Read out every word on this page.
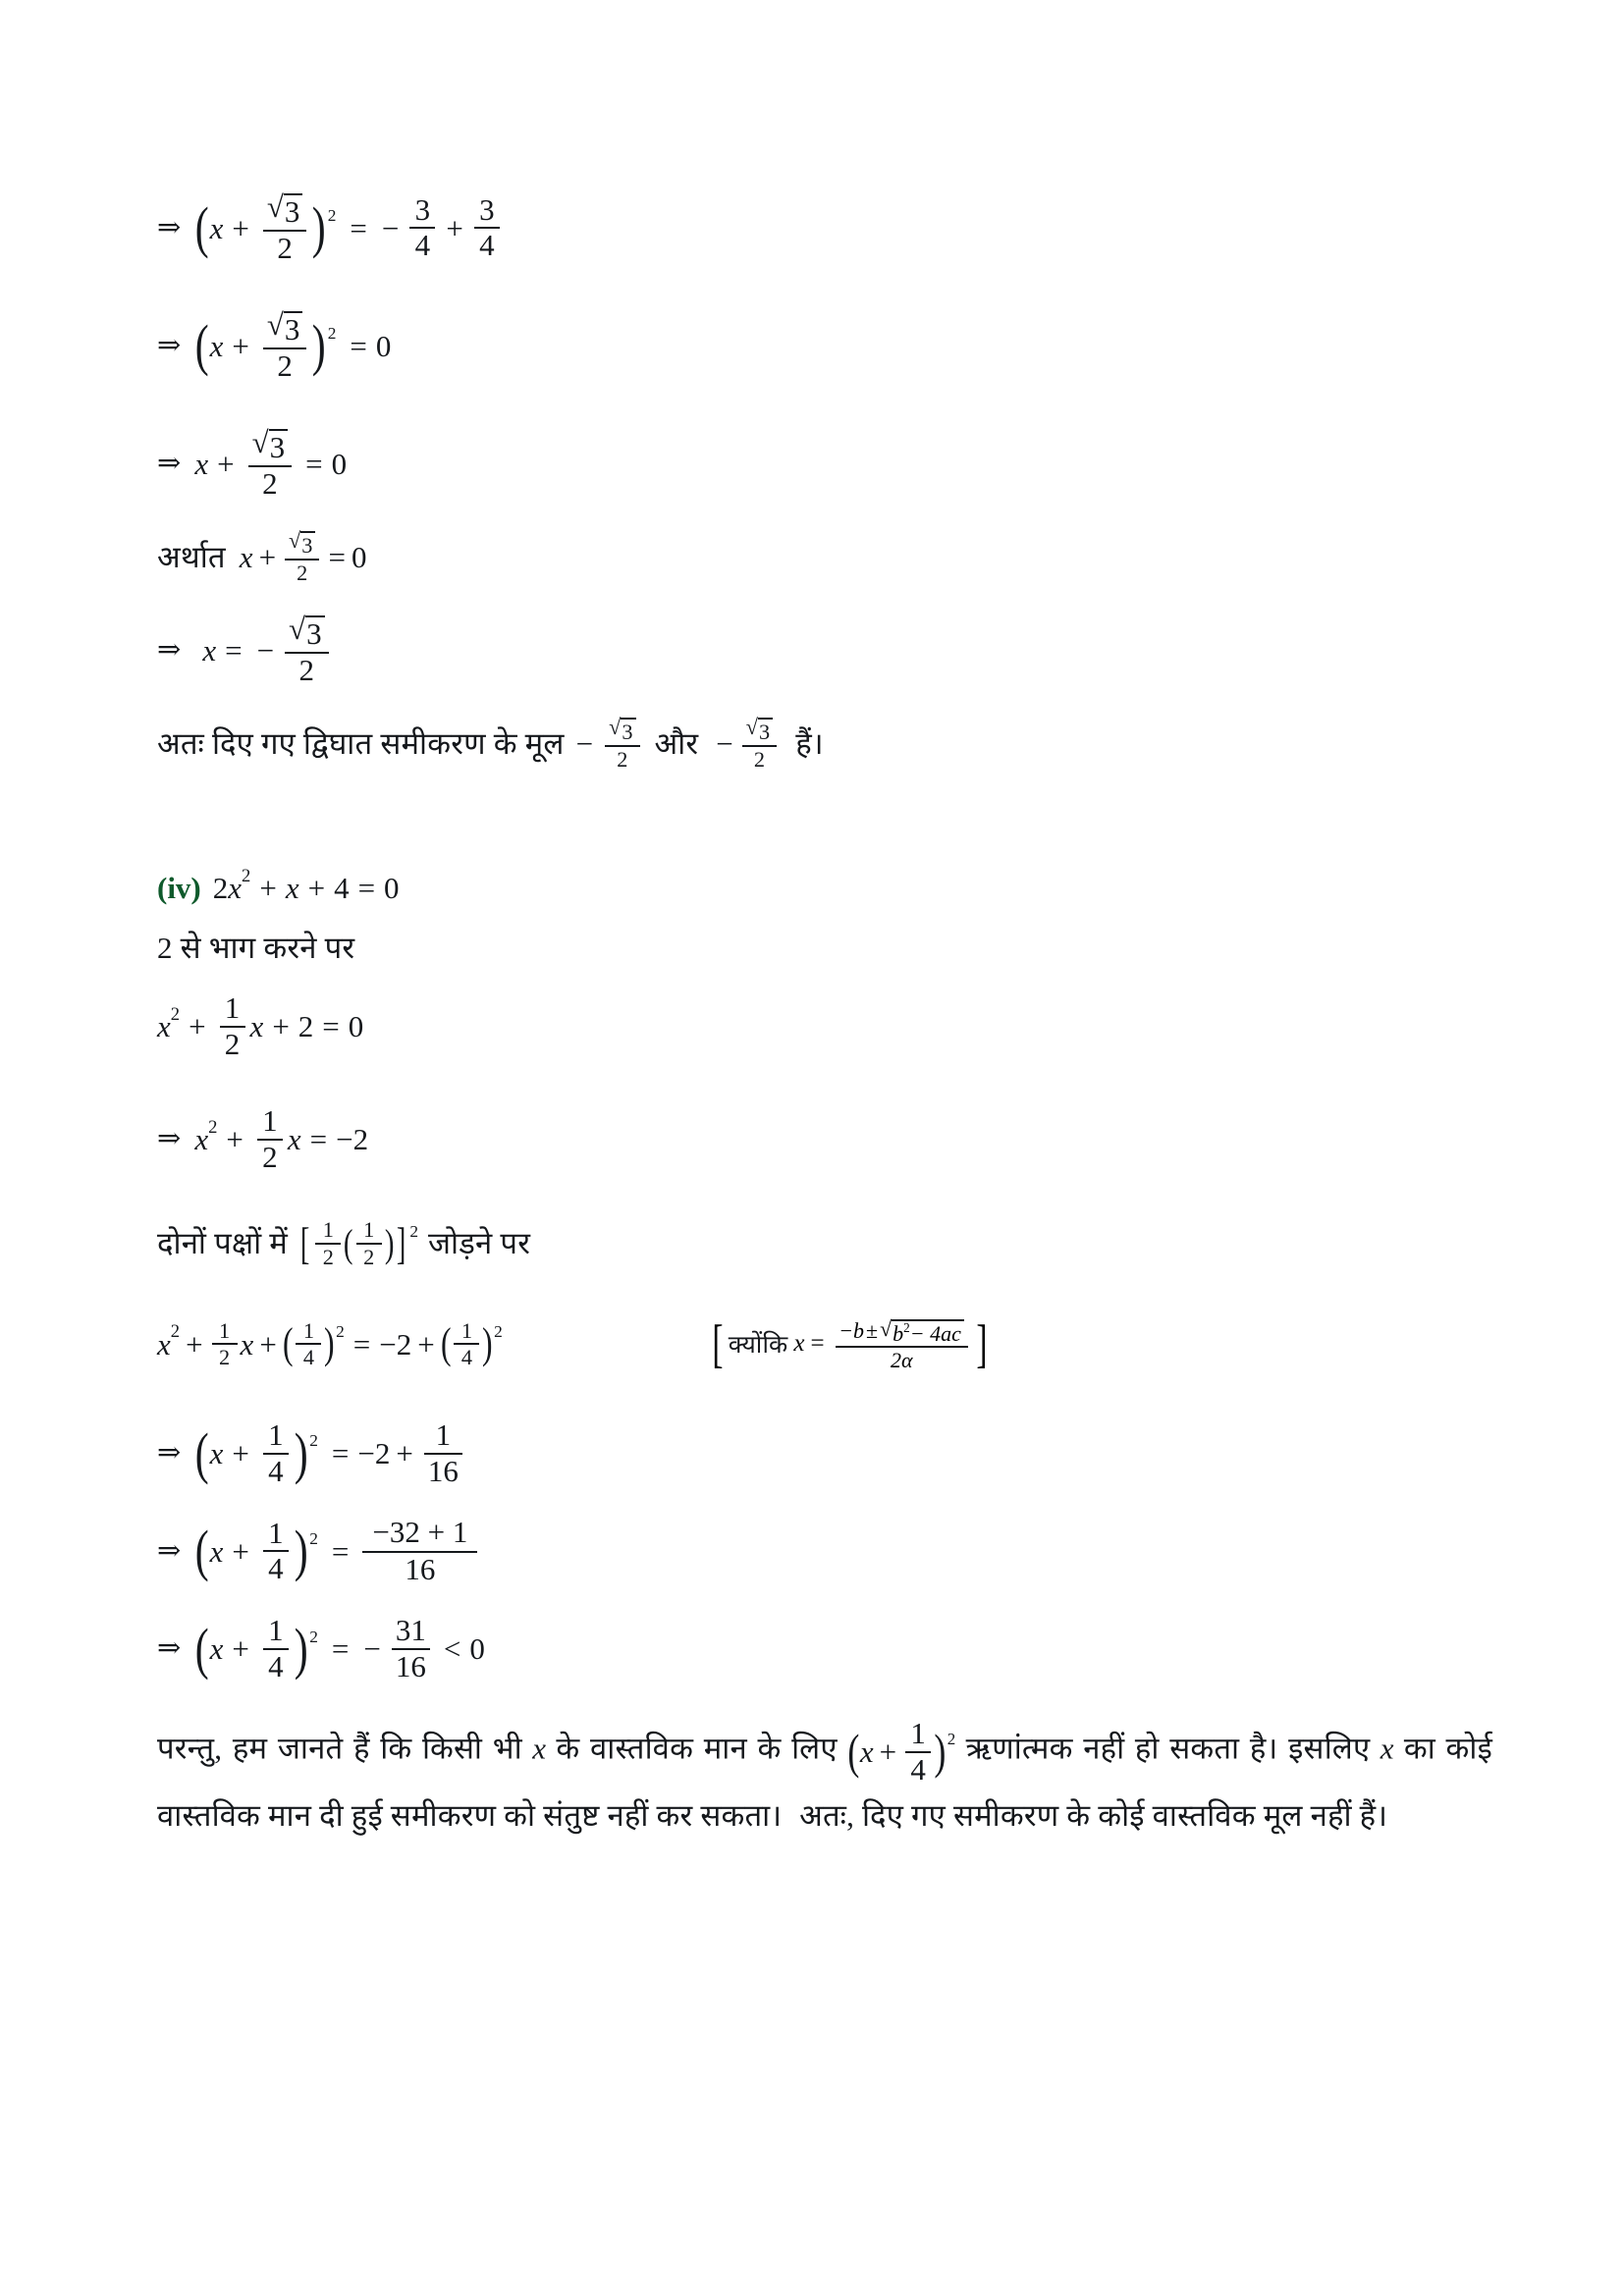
⇒ ( $x + \frac{√ 3}{2}$ ) 2 = − $\frac{3}{4} + \frac{3}{4}$
⇒ ( $x + \frac{√ 3}{2}$ ) 2 = 0
⇒ $x + \frac{√ 3}{2} = 0$
अर्थात $x + \frac{√ 3}{2} = 0$
⇒ x = − $\frac{√ 3}{2}$
अतः दिए गए द्विघात समीकरण के मूल − $\frac{√ 3}{2}$ और − $\frac{√ 3}{2}$ हैं।
(iv) 2 x 2 + x + 4 = 0
2 से भाग करने पर
x $2 + \frac{1}{2}$ x + 2 = 0
⇒ x $2 + \frac{1}{2}$ x = −2
दोनों पक्षों में [ $\frac{1}{2}$ ( $\frac{1}{2}$ ) ] 2 जोड़ने पर
x $2 + \frac{1}{2}$ x + ( $\frac{1}{4}$ ) 2 = −2 + ( $\frac{1}{4}$ ) 2	[ क्योंकि $x = \frac{- b \pm √ b^2- 4ac}{2\alpha}$ ]
⇒ ( $x + \frac{1}{4}$ ) $2 = -2 + \frac{1}{16}$
⇒ ( $x + \frac{1}{4}$ ) $2 = \frac{-32 + 1}{16}$
⇒ ( $x + \frac{1}{4}$ ) 2 = − $\frac{31}{16} < 0$
परन्तु, हम जानते हैं कि किसी भी x के वास्तविक मान के लिए ( $x + \frac{1}{4}$ ) 2 ऋणांत्मक नहीं हो सकता है। इसलिए x का कोई वास्तविक मान दी हुई समीकरण को संतुष्ट नहीं कर सकता। अतः, दिए गए समीकरण के कोई वास्तविक मूल नहीं हैं।
